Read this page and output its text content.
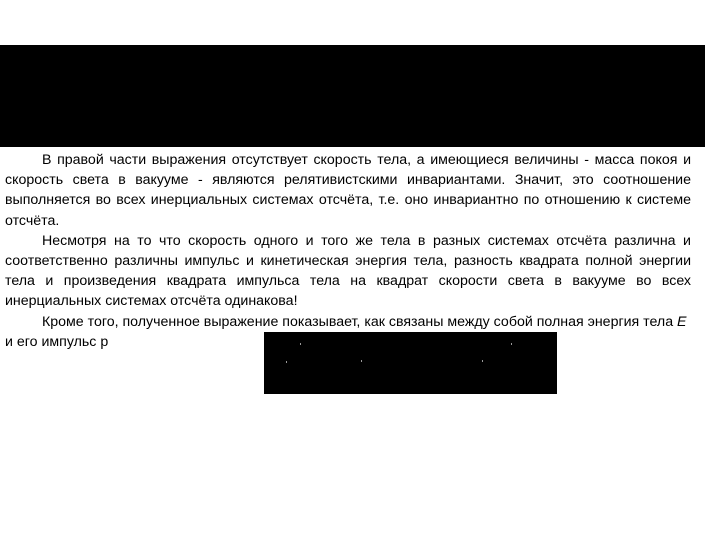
В правой части выражения отсутствует скорость тела, а имеющиеся величины - масса покоя и скорость света в вакууме - являются релятивистскими инвариантами. Значит, это соотношение выполняется во всех инерциальных системах отсчёта, т.е. оно инвариантно по отношению к системе отсчёта.

Несмотря на то что скорость одного и того же тела в разных системах отсчёта различна и соответственно различны импульс и кинетическая энергия тела, разность квадрата полной энергии тела и произведения квадрата импульса тела на квадрат скорости света в вакууме во всех инерциальных системах отсчёта одинакова!

Кроме того, полученное выражение показывает, как связаны между собой полная энергия тела E и его импульс p
